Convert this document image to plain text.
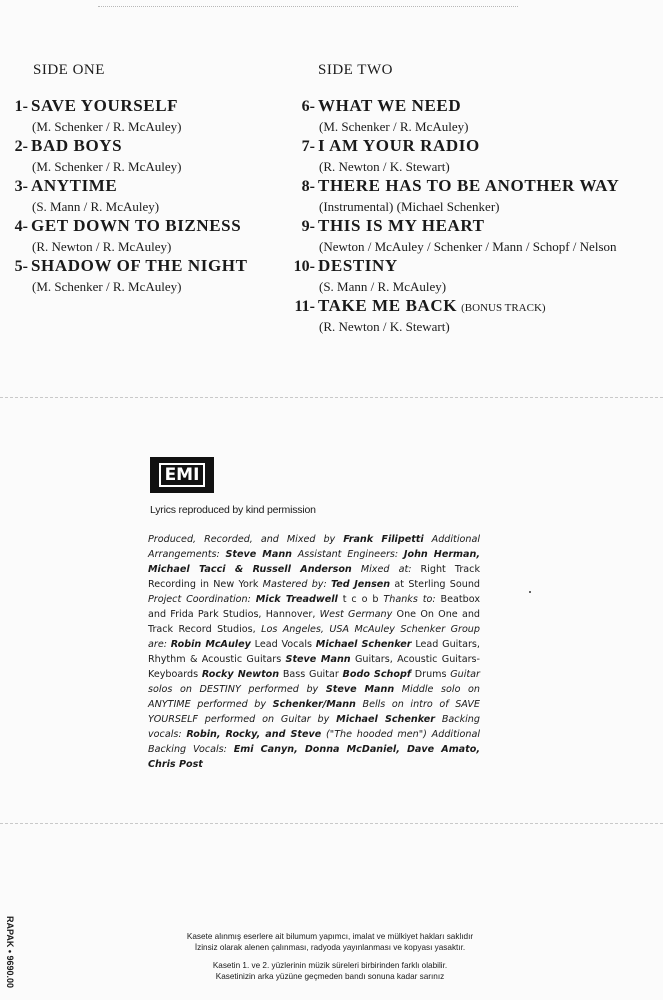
SIDE ONE
1- SAVE YOURSELF
(M. Schenker / R. McAuley)
2- BAD BOYS
(M. Schenker / R. McAuley)
3- ANYTIME
(S. Mann / R. McAuley)
4- GET DOWN TO BIZNESS
(R. Newton / R. McAuley)
5- SHADOW OF THE NIGHT
(M. Schenker / R. McAuley)
SIDE TWO
6- WHAT WE NEED
(M. Schenker / R. McAuley)
7- I AM YOUR RADIO
(R. Newton / K. Stewart)
8- THERE HAS TO BE ANOTHER WAY
(Instrumental) (Michael Schenker)
9- THIS IS MY HEART
(Newton / McAuley / Schenker / Mann / Schopf / Nelson
10- DESTINY
(S. Mann / R. McAuley)
11- TAKE ME BACK (BONUS TRACK)
(R. Newton / K. Stewart)
EMI
Lyrics reproduced by kind permission
Produced, Recorded, and Mixed by Frank Filipetti Additional Arrangements: Steve Mann Assistant Engineers: John Herman, Michael Tacci & Russell Anderson Mixed at: Right Track Recording in New York Mastered by: Ted Jensen at Sterling Sound Project Coordination: Mick Treadwell t c o b Thanks to: Beatbox and Frida Park Studios, Hannover, West Germany One On One and Track Record Studios, Los Angeles, USA McAuley Schenker Group are: Robin McAuley Lead Vocals Michael Schenker Lead Guitars, Rhythm & Acoustic Guitars Steve Mann Guitars, Acoustic Guitars-Keyboards Rocky Newton Bass Guitar Bodo Schopf Drums Guitar solos on DESTINY performed by Steve Mann Middle solo on ANYTIME performed by Schenker/Mann Bells on intro of SAVE YOURSELF performed on Guitar by Michael Schenker Backing vocals: Robin, Rocky, and Steve ("The hooded men") Additional Backing Vocals: Emi Canyn, Donna McDaniel, Dave Amato, Chris Post
RAPAK • 9690.00	Kasete alınmış eserlere ait bilumum yapımcı, imalat ve mülkiyet hakları saklıdır
İzinsiz olarak alenen çalınması, radyoda yayınlanması ve kopyası yasaktır.
Kasetin 1. ve 2. yüzlerinin müzik süreleri birbirinden farklı olabilir.
Kasetinizin arka yüzüne geçmeden bandı sonuna kadar sarınız
